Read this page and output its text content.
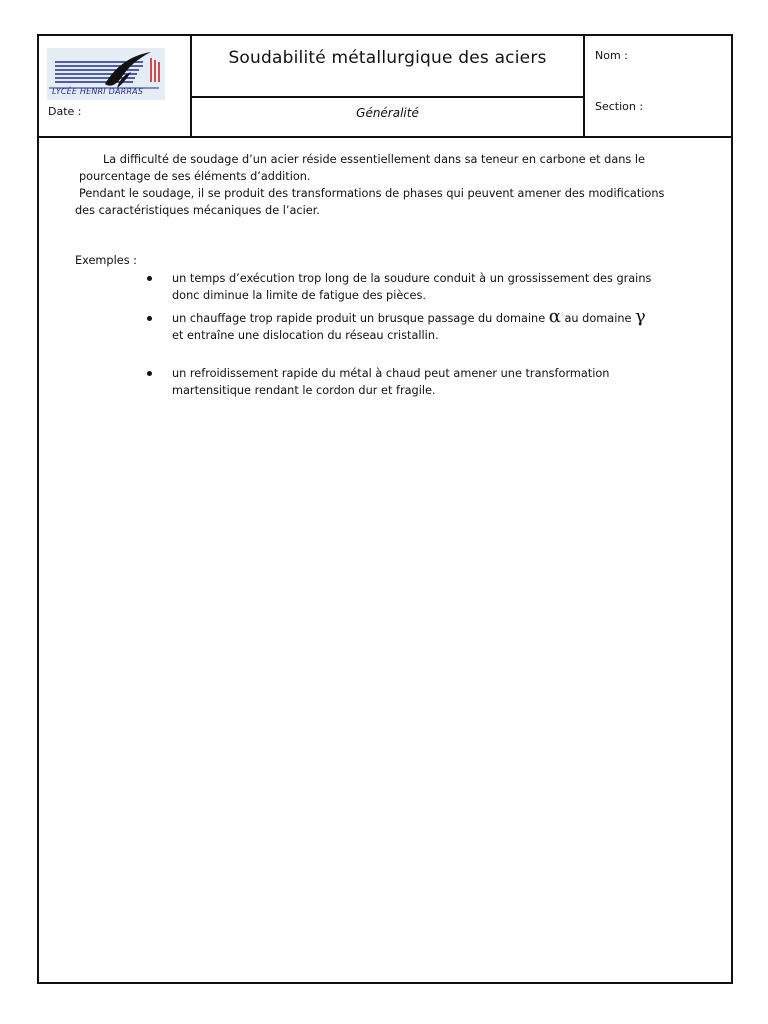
LYCÉE HENRI DARRAS
Date :
Soudabilité métallurgique des aciers
Généralité
Nom :
Section :

La difficulté de soudage d’un acier réside essentiellement dans sa teneur en carbone et dans le

pourcentage de ses éléments d’addition.

Pendant le soudage, il se produit des transformations de phases qui peuvent amener des modifications

des caractéristiques mécaniques de l’acier.

Exemples :
un temps d’exécution trop long de la soudure conduit à un grossissement des grains
donc diminue la limite de fatigue des pièces.
un chauffage trop rapide produit un brusque passage du domaine α au domaine γ
et entraîne une dislocation du réseau cristallin.
un refroidissement rapide du métal à chaud peut amener une transformation
martensitique rendant le cordon dur et fragile.
